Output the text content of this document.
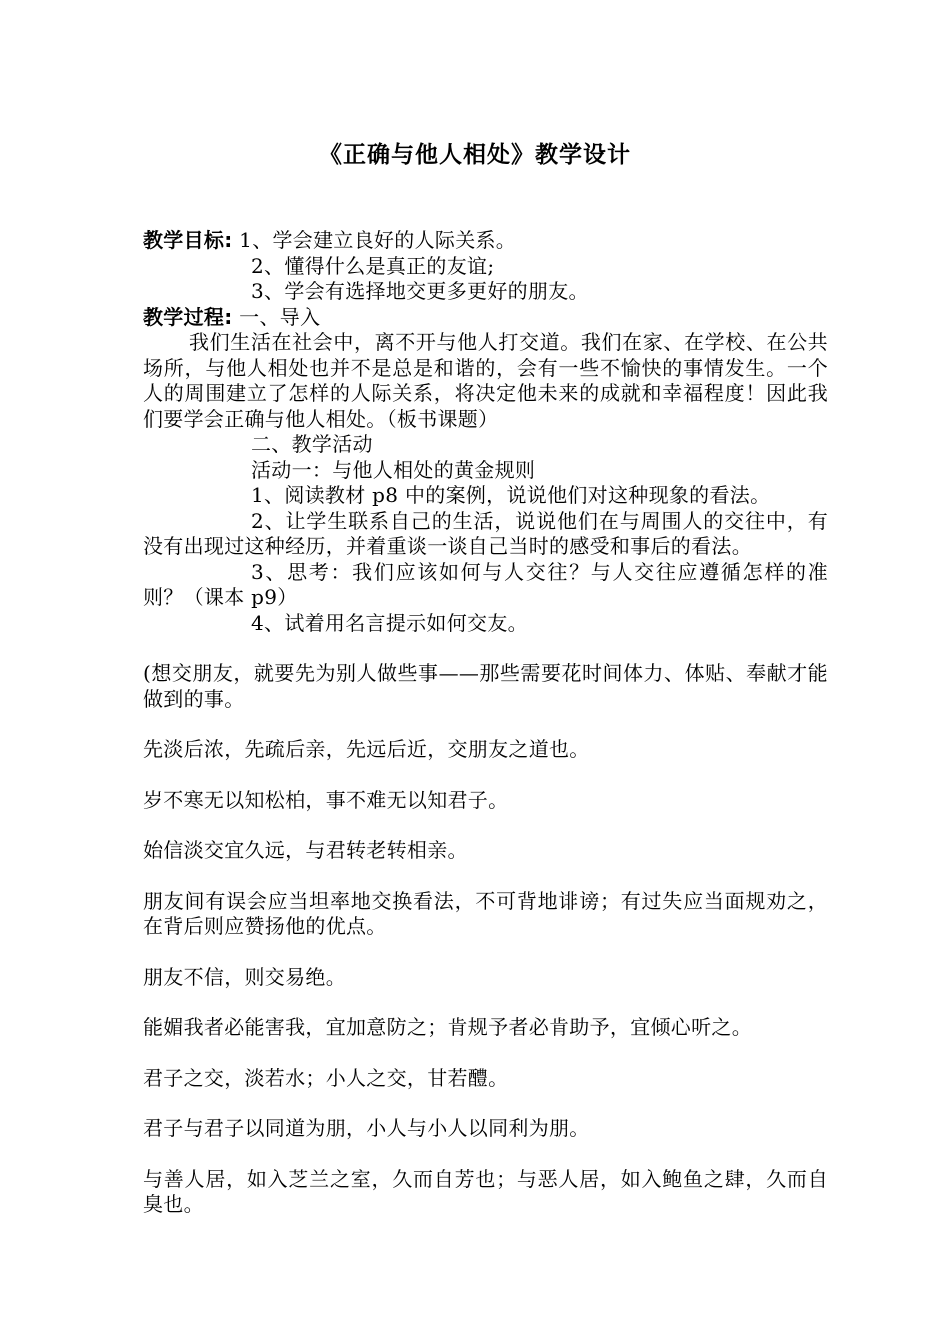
《正确与他人相处》教学设计
教学目标: 1、学会建立良好的人际关系。
2、懂得什么是真正的友谊;
3、学会有选择地交更多更好的朋友。
教学过程: 一、导入
我们生活在社会中，离不开与他人打交道。我们在家、在学校、在公共场所，与他人相处也并不是总是和谐的，会有一些不愉快的事情发生。一个人的周围建立了怎样的人际关系，将决定他未来的成就和幸福程度！因此我们要学会正确与他人相处。（板书课题）
二、教学活动
活动一：与他人相处的黄金规则
1、阅读教材 p8 中的案例，说说他们对这种现象的看法。
2、让学生联系自己的生活，说说他们在与周围人的交往中，有没有出现过这种经历，并着重谈一谈自己当时的感受和事后的看法。
3、思考：我们应该如何与人交往？与人交往应遵循怎样的准则？（课本 p9）
4、试着用名言提示如何交友。
(想交朋友，就要先为别人做些事——那些需要花时间体力、体贴、奉献才能做到的事。
先淡后浓，先疏后亲，先远后近，交朋友之道也。
岁不寒无以知松柏，事不难无以知君子。
始信淡交宜久远，与君转老转相亲。
朋友间有误会应当坦率地交换看法，不可背地诽谤；有过失应当面规劝之，在背后则应赞扬他的优点。
朋友不信，则交易绝。
能媚我者必能害我，宜加意防之；肯规予者必肯助予，宜倾心听之。
君子之交，淡若水；小人之交，甘若醴。
君子与君子以同道为朋，小人与小人以同利为朋。
与善人居，如入芝兰之室，久而自芳也；与恶人居，如入鲍鱼之肆，久而自臭也。
